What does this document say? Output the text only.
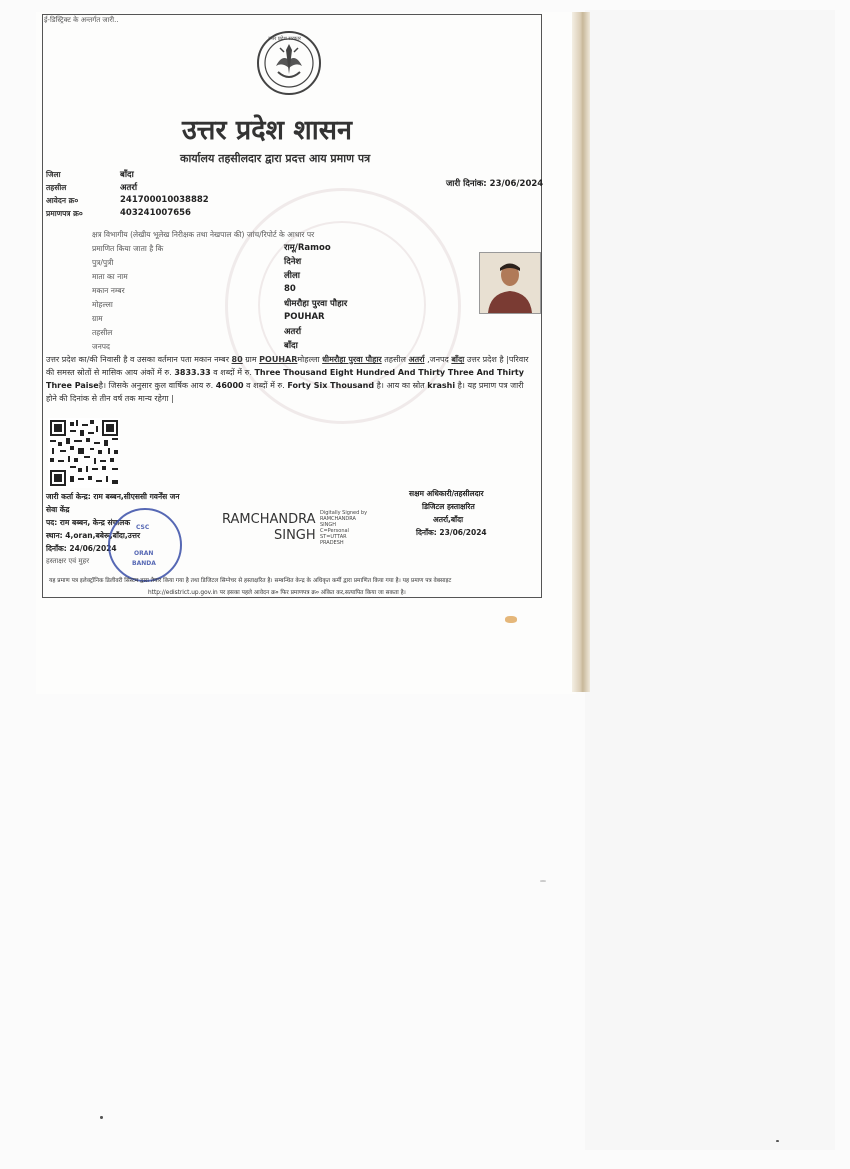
ई-डिस्ट्रिक्ट के अन्तर्गत जारी..
उत्तर प्रदेश सरकार
उत्तर प्रदेश शासन
कार्यालय तहसीलदार द्वारा प्रदत्त आय प्रमाण पत्र
जिला	बाँदा
तहसील	अतर्रा
आवेदन क्र०	241700010038882
प्रमाणपत्र क्र०	403241007656
जारी दिनांक: 23/06/2024
क्षत्र विभागीय (लेखीय भूलेख निरीक्षक तथा नेखपाल की) जांच/रिपोर्ट के आधार पर
प्रमाणित किया जाता है कि	रामू/Ramoo
पुत्र/पुत्री	दिनेश
माता का नाम	लीला
मकान नम्बर	80
मोहल्ला	धीमरौहा पुरवा पौहार
ग्राम	POUHAR
तहसील	अतर्रा
जनपद	बाँदा
उत्तर प्रदेश का/की निवासी है व उसका वर्तमान पता मकान नम्बर 80 ग्राम POUHARमोहल्ला धीमरौहा पुरवा पौहार तहसील अतर्रा ,जनपद बाँदा उत्तर प्रदेश है |परिवार की समस्त स्रोतों से मासिक आय अंकों में रु. 3833.33 व शब्दों में रु. Three Thousand Eight Hundred And Thirty Three And Thirty Three Paiseहै। जिसके अनुसार कुल वार्षिक आय रु. 46000 व शब्दों में रु. Forty Six Thousand है। आय का स्रोत krashi है। यह प्रमाण पत्र जारी होने की दिनांक से तीन वर्ष तक मान्य रहेगा |
जारी कर्ता केन्द्र: राम बब्बन,सीएससी गवर्नेंस जन
सेवा केंद्र
पद: राम बब्बन, केन्द्र संचालक
स्थान: 4,oran,बबेरू,बाँदा,उत्तर
दिनाँक: 24/06/2024
हस्ताक्षर एवं मुहर
CSC
ORAN
BANDA
RAMCHANDRA
SINGH
Digitally Signed by
RAMCHANDRA
SINGH
C=Personal
ST=UTTAR
PRADESH
सक्षम अधिकारी/तहसीलदार
डिजिटल हस्ताक्षरित
अतर्रा,बाँदा
दिनाँक: 23/06/2024
यह प्रमाण पत्र इलेक्ट्रॉनिक डिलीवरी सिस्टम द्वारा तैयार किया गया है तथा डिजिटल सिग्नेचर से हस्ताक्षरित है। सम्बन्धित केन्द्र के अधिकृत कर्मी द्वारा प्रमाणित किया गया है। यह प्रमाण पत्र वेबसाइट
http://edistrict.up.gov.in पर इसका पहले आवेदन क्र० फिर प्रमाणपत्र क्र० अंकित कर,सत्यापित किया जा सकता है।
